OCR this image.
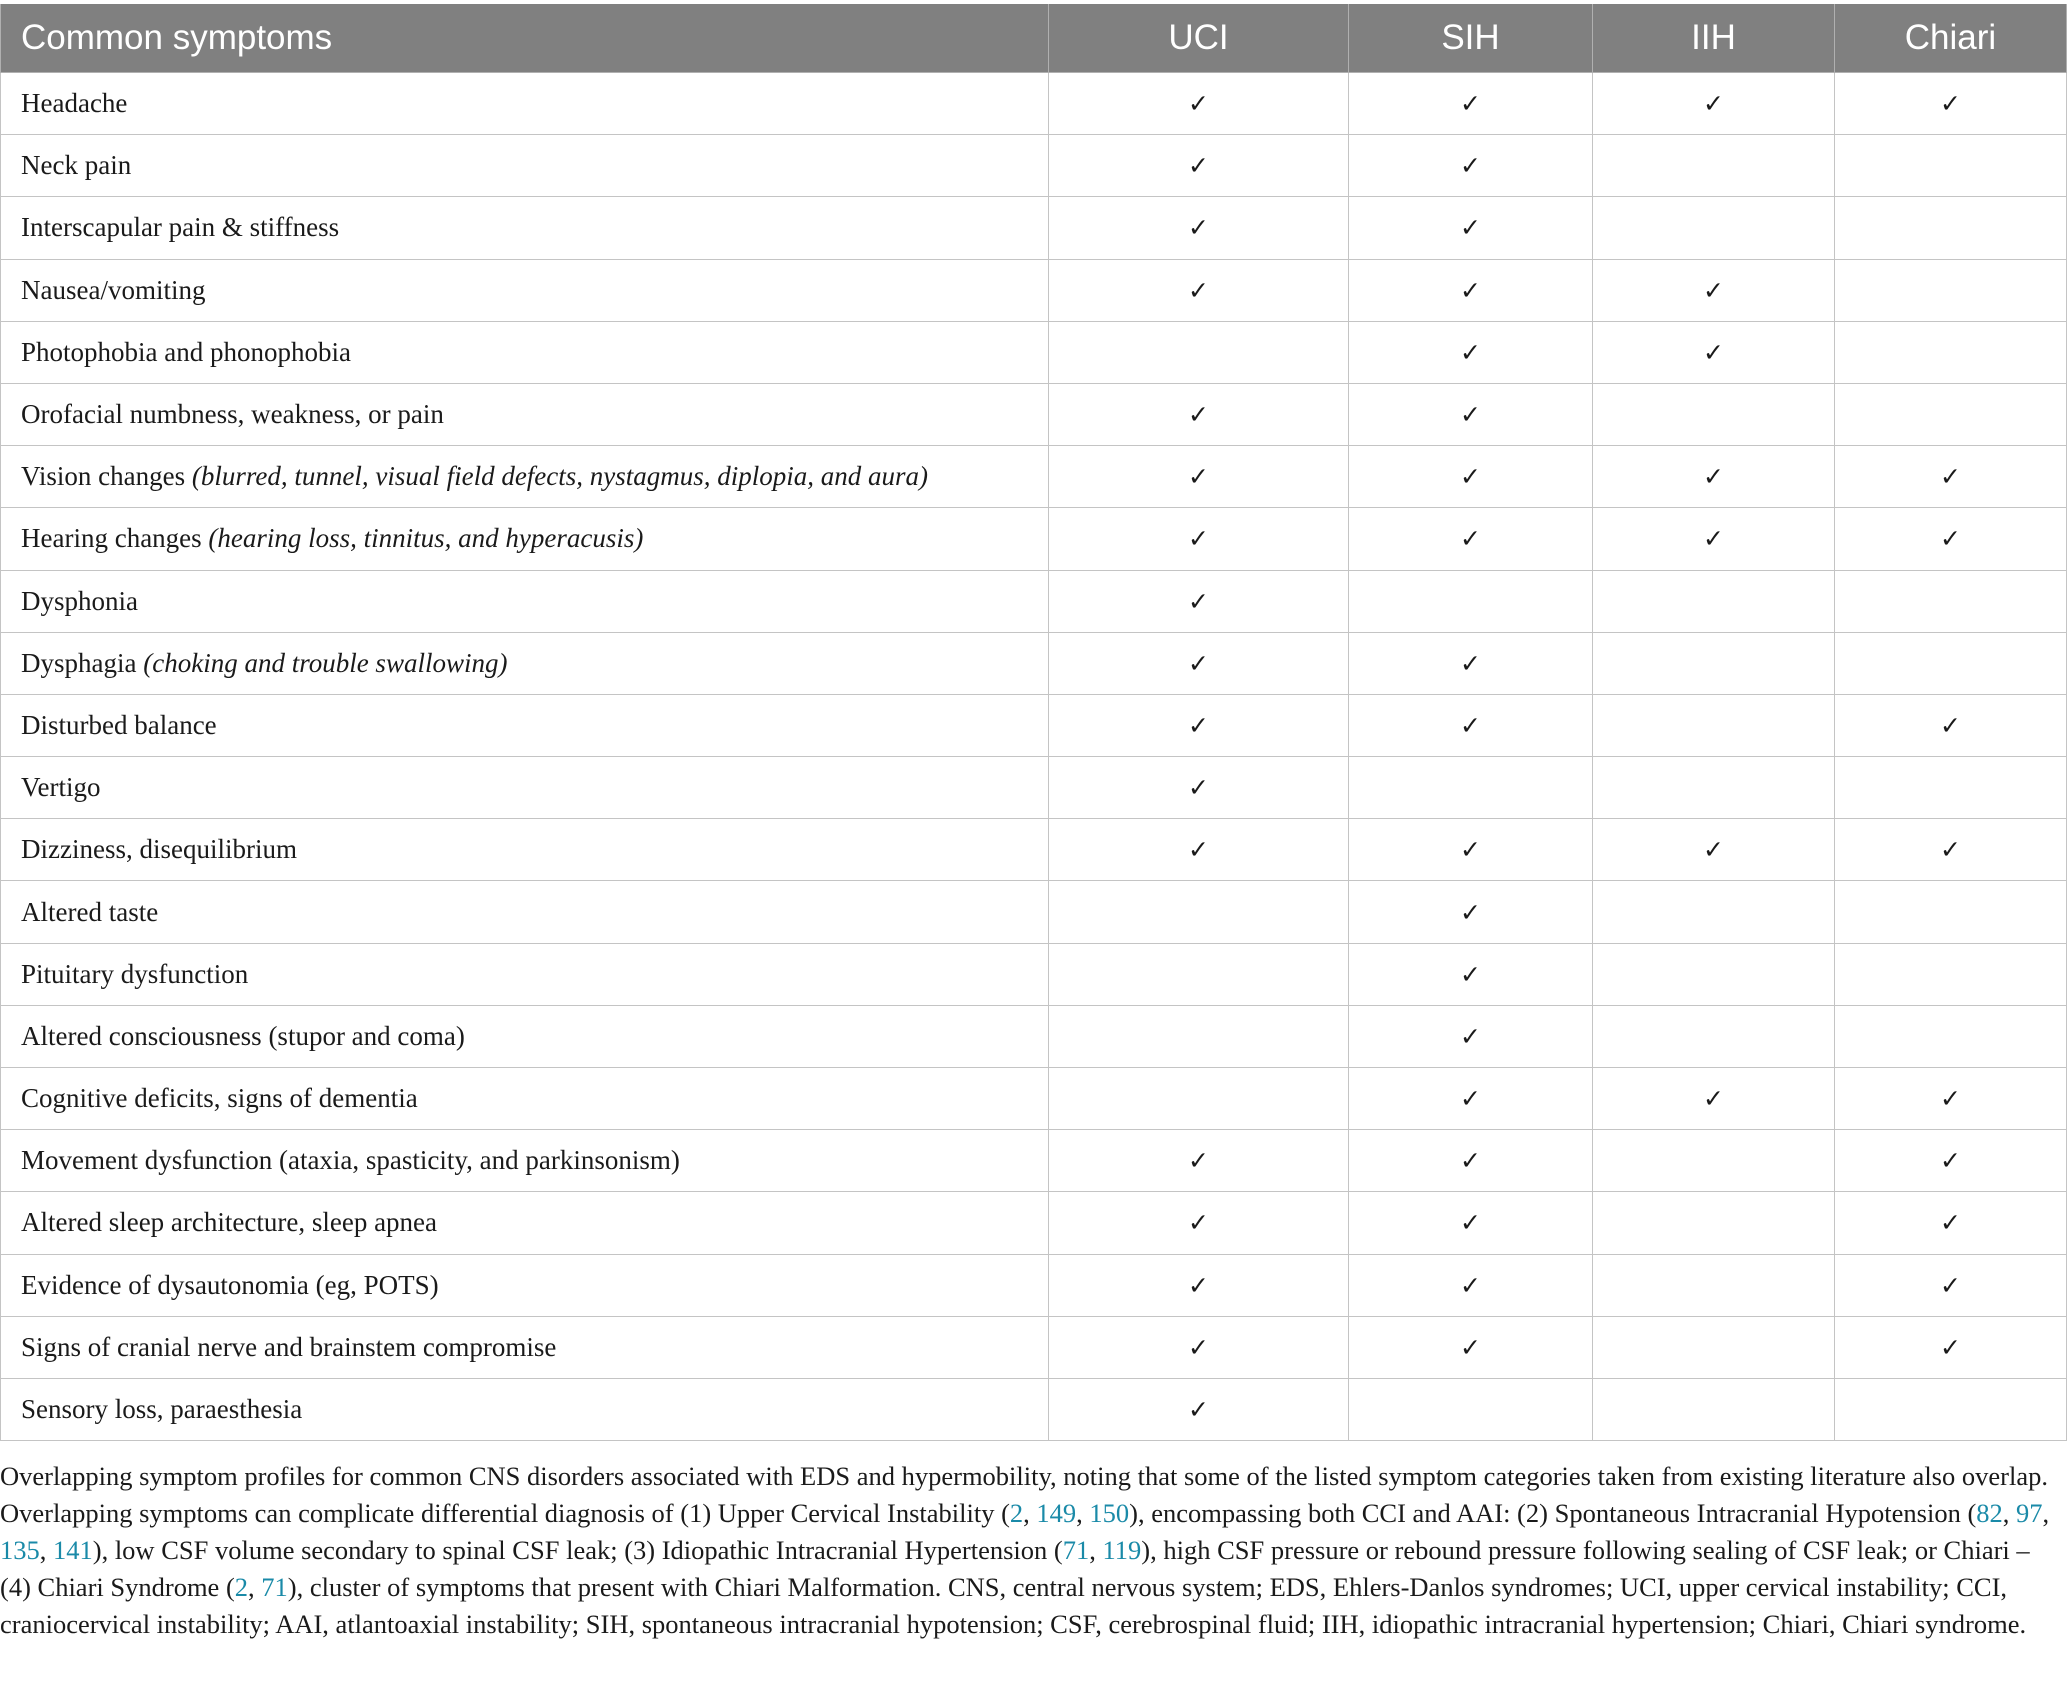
Common symptoms	UCI	SIH	IIH	Chiari
Headache	✓	✓	✓	✓
Neck pain	✓	✓		
Interscapular pain & stiffness	✓	✓		
Nausea/vomiting	✓	✓	✓	
Photophobia and phonophobia		✓	✓	
Orofacial numbness, weakness, or pain	✓	✓		
Vision changes (blurred, tunnel, visual field defects, nystagmus, diplopia, and aura)	✓	✓	✓	✓
Hearing changes (hearing loss, tinnitus, and hyperacusis)	✓	✓	✓	✓
Dysphonia	✓			
Dysphagia (choking and trouble swallowing)	✓	✓		
Disturbed balance	✓	✓		✓
Vertigo	✓			
Dizziness, disequilibrium	✓	✓	✓	✓
Altered taste		✓		
Pituitary dysfunction		✓		
Altered consciousness (stupor and coma)		✓		
Cognitive deficits, signs of dementia		✓	✓	✓
Movement dysfunction (ataxia, spasticity, and parkinsonism)	✓	✓		✓
Altered sleep architecture, sleep apnea	✓	✓		✓
Evidence of dysautonomia (eg, POTS)	✓	✓		✓
Signs of cranial nerve and brainstem compromise	✓	✓		✓
Sensory loss, paraesthesia	✓			
Overlapping symptom profiles for common CNS disorders associated with EDS and hypermobility, noting that some of the listed symptom categories taken from existing literature also overlap. Overlapping symptoms can complicate differential diagnosis of (1) Upper Cervical Instability (2, 149, 150), encompassing both CCI and AAI: (2) Spontaneous Intracranial Hypotension (82, 97, 135, 141), low CSF volume secondary to spinal CSF leak; (3) Idiopathic Intracranial Hypertension (71, 119), high CSF pressure or rebound pressure following sealing of CSF leak; or Chiari – (4) Chiari Syndrome (2, 71), cluster of symptoms that present with Chiari Malformation. CNS, central nervous system; EDS, Ehlers-Danlos syndromes; UCI, upper cervical instability; CCI, craniocervical instability; AAI, atlantoaxial instability; SIH, spontaneous intracranial hypotension; CSF, cerebrospinal fluid; IIH, idiopathic intracranial hypertension; Chiari, Chiari syndrome.
